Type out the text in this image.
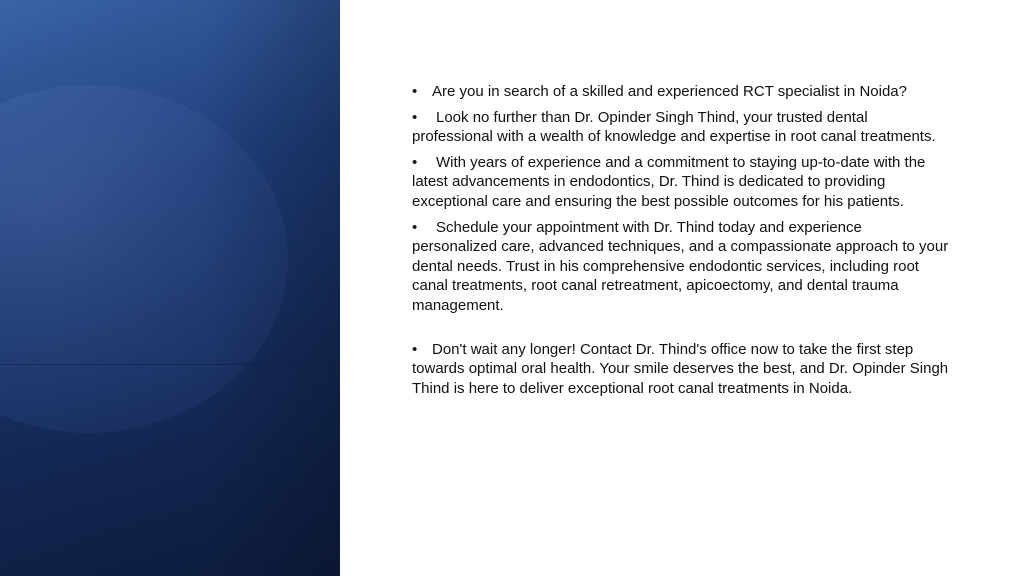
• Are you in search of a skilled and experienced RCT specialist in Noida?
• Look no further than Dr. Opinder Singh Thind, your trusted dental professional with a wealth of knowledge and expertise in root canal treatments.
• With years of experience and a commitment to staying up-to-date with the latest advancements in endodontics, Dr. Thind is dedicated to providing exceptional care and ensuring the best possible outcomes for his patients.
• Schedule your appointment with Dr. Thind today and experience personalized care, advanced techniques, and a compassionate approach to your dental needs. Trust in his comprehensive endodontic services, including root canal treatments, root canal retreatment, apicoectomy, and dental trauma management.
• Don't wait any longer! Contact Dr. Thind's office now to take the first step towards optimal oral health. Your smile deserves the best, and Dr. Opinder Singh Thind is here to deliver exceptional root canal treatments in Noida.
